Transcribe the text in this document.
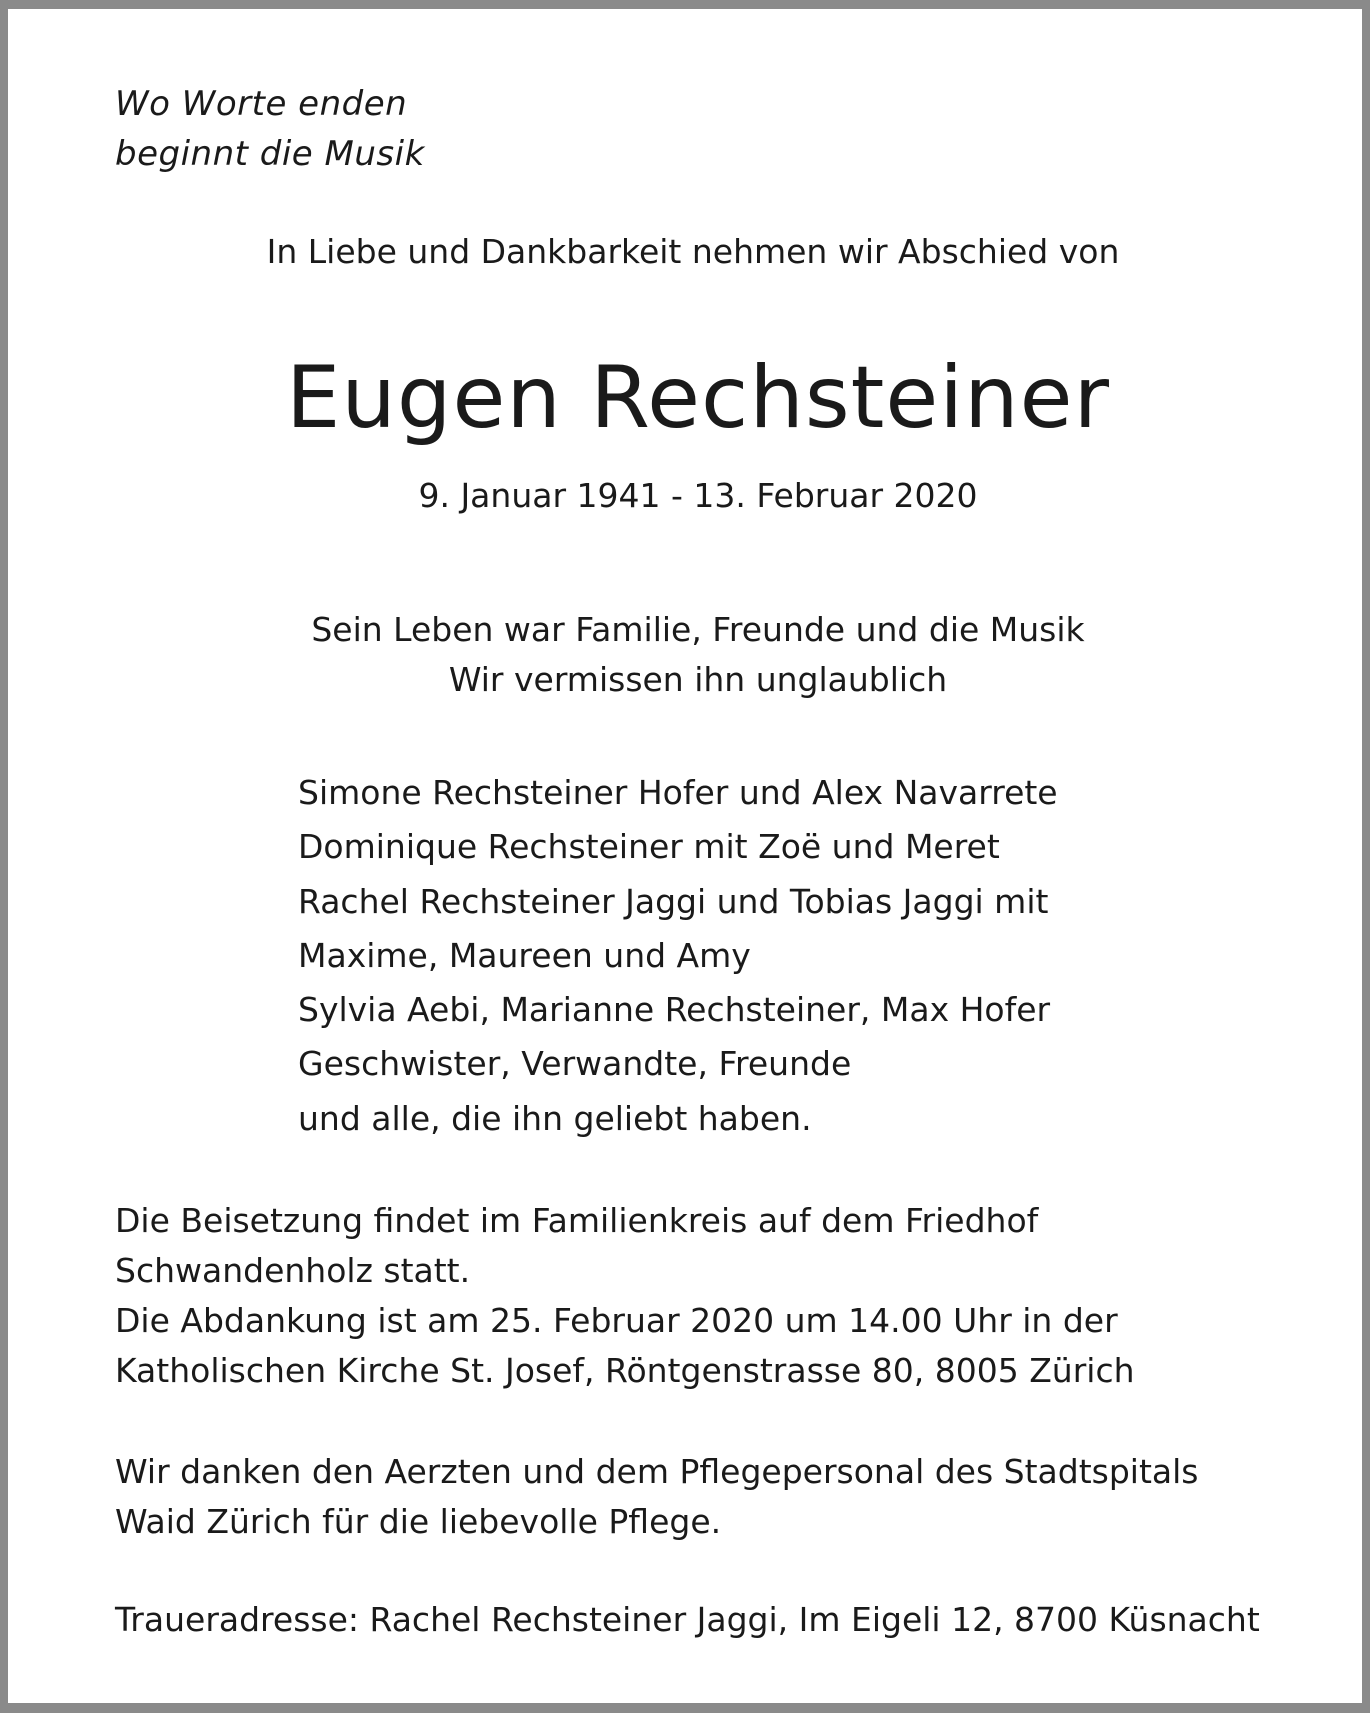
Wo Worte enden
beginnt die Musik
In Liebe und Dankbarkeit nehmen wir Abschied von
Eugen Rechsteiner
9. Januar 1941 - 13. Februar 2020
Sein Leben war Familie, Freunde und die Musik
Wir vermissen ihn unglaublich
Simone Rechsteiner Hofer und Alex Navarrete
Dominique Rechsteiner mit Zoë und Meret
Rachel Rechsteiner Jaggi und Tobias Jaggi mit
Maxime, Maureen und Amy
Sylvia Aebi, Marianne Rechsteiner, Max Hofer
Geschwister, Verwandte, Freunde
und alle, die ihn geliebt haben.
Die Beisetzung findet im Familienkreis auf dem Friedhof
Schwandenholz statt.
Die Abdankung ist am 25. Februar 2020 um 14.00 Uhr in der
Katholischen Kirche St. Josef, Röntgenstrasse 80, 8005 Zürich
Wir danken den Aerzten und dem Pflegepersonal des Stadtspitals
Waid Zürich für die liebevolle Pflege.
Traueradresse: Rachel Rechsteiner Jaggi, Im Eigeli 12, 8700 Küsnacht
